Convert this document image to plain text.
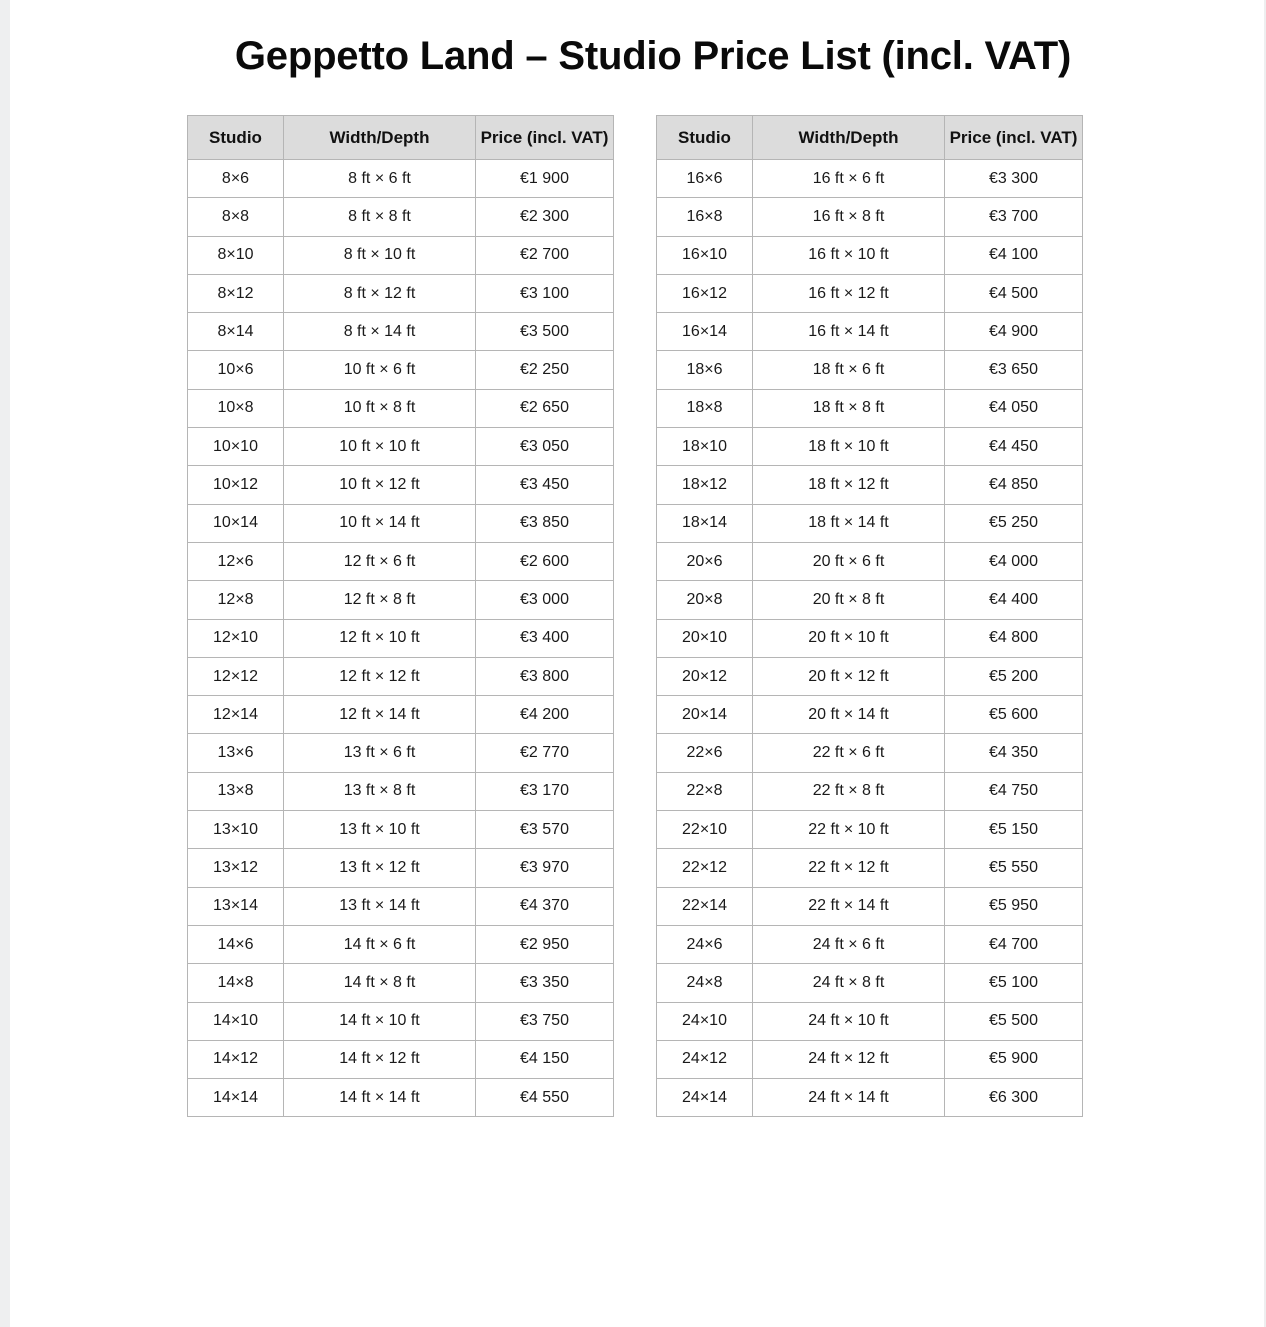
Geppetto Land – Studio Price List (incl. VAT)
Studio	Width/Depth	Price (incl. VAT)
8×6	8 ft × 6 ft	€1 900
8×8	8 ft × 8 ft	€2 300
8×10	8 ft × 10 ft	€2 700
8×12	8 ft × 12 ft	€3 100
8×14	8 ft × 14 ft	€3 500
10×6	10 ft × 6 ft	€2 250
10×8	10 ft × 8 ft	€2 650
10×10	10 ft × 10 ft	€3 050
10×12	10 ft × 12 ft	€3 450
10×14	10 ft × 14 ft	€3 850
12×6	12 ft × 6 ft	€2 600
12×8	12 ft × 8 ft	€3 000
12×10	12 ft × 10 ft	€3 400
12×12	12 ft × 12 ft	€3 800
12×14	12 ft × 14 ft	€4 200
13×6	13 ft × 6 ft	€2 770
13×8	13 ft × 8 ft	€3 170
13×10	13 ft × 10 ft	€3 570
13×12	13 ft × 12 ft	€3 970
13×14	13 ft × 14 ft	€4 370
14×6	14 ft × 6 ft	€2 950
14×8	14 ft × 8 ft	€3 350
14×10	14 ft × 10 ft	€3 750
14×12	14 ft × 12 ft	€4 150
14×14	14 ft × 14 ft	€4 550
Studio	Width/Depth	Price (incl. VAT)
16×6	16 ft × 6 ft	€3 300
16×8	16 ft × 8 ft	€3 700
16×10	16 ft × 10 ft	€4 100
16×12	16 ft × 12 ft	€4 500
16×14	16 ft × 14 ft	€4 900
18×6	18 ft × 6 ft	€3 650
18×8	18 ft × 8 ft	€4 050
18×10	18 ft × 10 ft	€4 450
18×12	18 ft × 12 ft	€4 850
18×14	18 ft × 14 ft	€5 250
20×6	20 ft × 6 ft	€4 000
20×8	20 ft × 8 ft	€4 400
20×10	20 ft × 10 ft	€4 800
20×12	20 ft × 12 ft	€5 200
20×14	20 ft × 14 ft	€5 600
22×6	22 ft × 6 ft	€4 350
22×8	22 ft × 8 ft	€4 750
22×10	22 ft × 10 ft	€5 150
22×12	22 ft × 12 ft	€5 550
22×14	22 ft × 14 ft	€5 950
24×6	24 ft × 6 ft	€4 700
24×8	24 ft × 8 ft	€5 100
24×10	24 ft × 10 ft	€5 500
24×12	24 ft × 12 ft	€5 900
24×14	24 ft × 14 ft	€6 300
